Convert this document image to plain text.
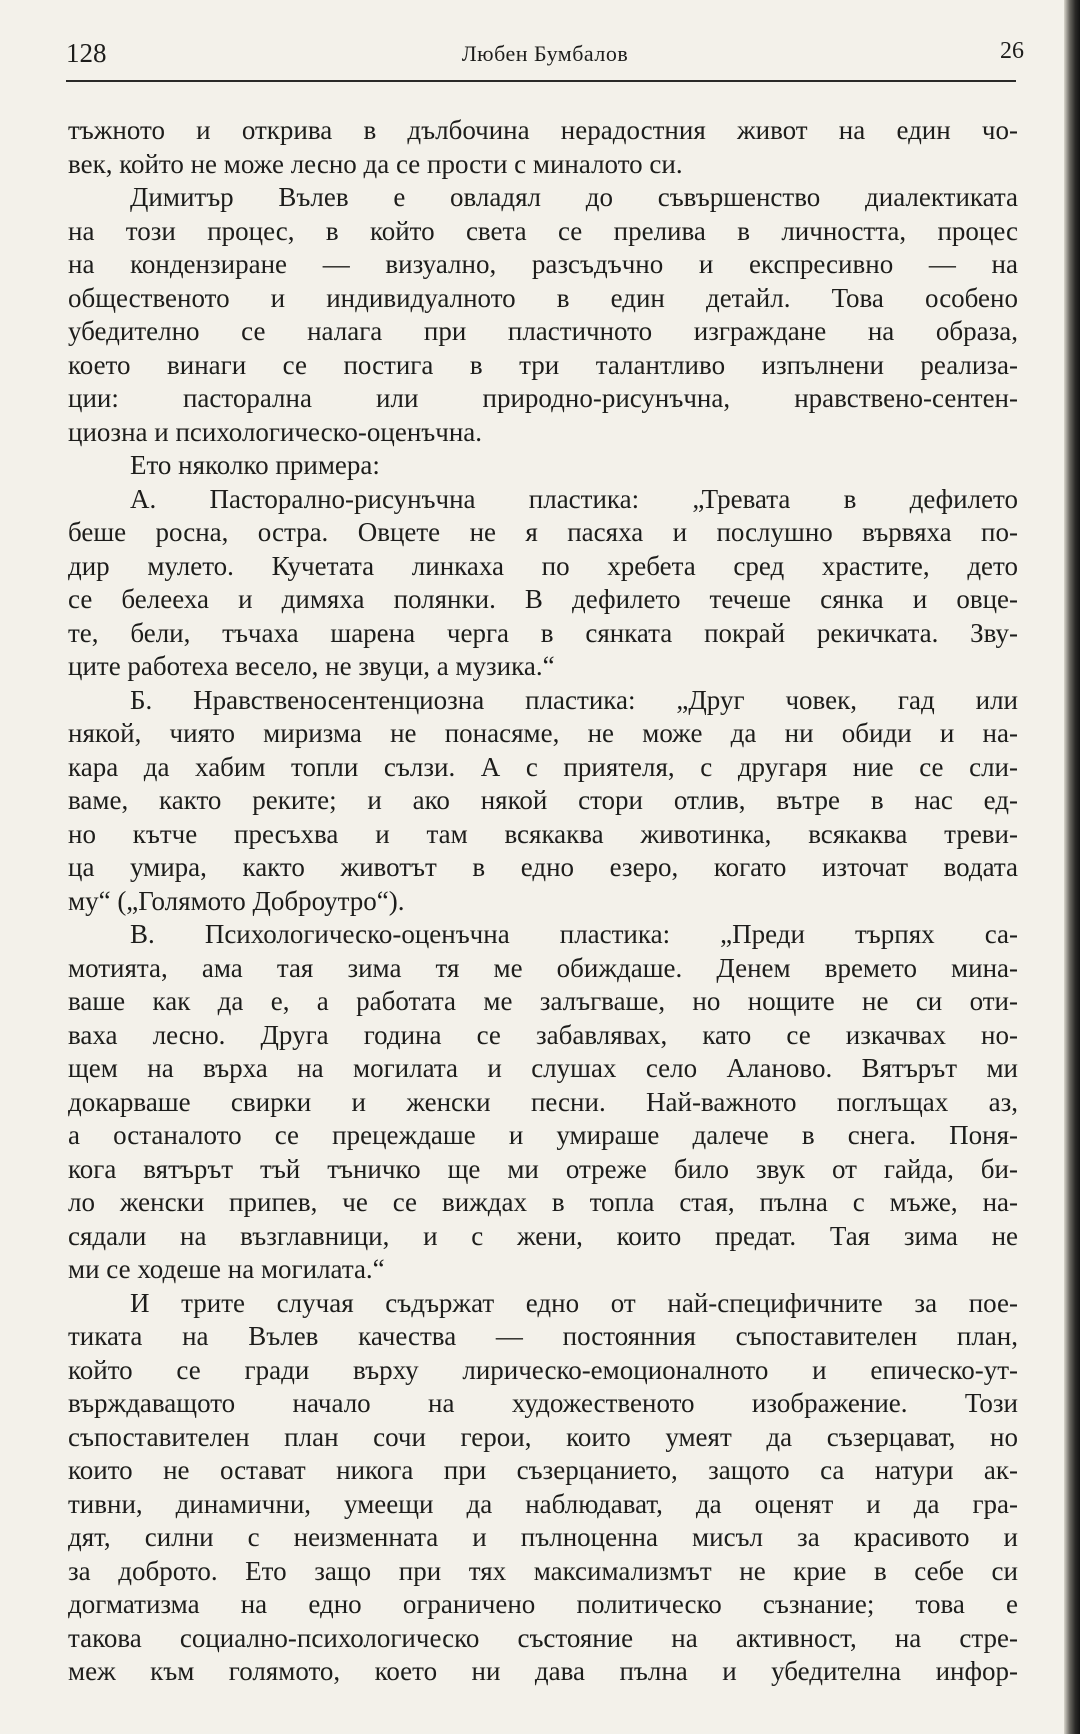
128	Любен Бумбалов	26
тъжното и открива в дълбочина нерадостния живот на един чо-
век, който не може лесно да се прости с миналото си.
Димитър Вълев е овладял до съвършенство диалектиката
на този процес, в който света се прелива в личността, процес
на кондензиране — визуално, разсъдъчно и експресивно — на
общественото и индивидуалното в един детайл. Това особено
убедително се налага при пластичното изграждане на образа,
което винаги се постига в три талантливо изпълнени реализа-
ции: пасторална или природно-рисунъчна, нравствено-сентен-
циозна и психологическо-оценъчна.
Ето няколко примера:
А. Пасторално-рисунъчна пластика: „Тревата в дефилето
беше росна, остра. Овцете не я пасяха и послушно вървяха по-
дир мулето. Кучетата линкаха по хребета сред храстите, дето
се белееха и димяха полянки. В дефилето течеше сянка и овце-
те, бели, тъчаха шарена черга в сянката покрай рекичката. Зву-
ците работеха весело, не звуци, а музика.“
Б. Нравственосентенциозна пластика: „Друг човек, гад или
някой, чиято миризма не понасяме, не може да ни обиди и на-
кара да хабим топли сълзи. А с приятеля, с другаря ние се сли-
ваме, както реките; и ако някой стори отлив, вътре в нас ед-
но кътче пресъхва и там всякаква животинка, всякаква треви-
ца умира, както животът в едно езеро, когато източат водата
му“ („Голямото Доброутро“).
В. Психологическо-оценъчна пластика: „Преди търпях са-
мотията, ама тая зима тя ме обиждаше. Денем времето мина-
ваше как да е, а работата ме залъгваше, но нощите не си оти-
ваха лесно. Друга година се забавлявах, като се изкачвах но-
щем на върха на могилата и слушах село Аланово. Вятърът ми
докарваше свирки и женски песни. Най-важното поглъщах аз,
а останалото се прецеждаше и умираше далече в снега. Поня-
кога вятърът тъй тъничко ще ми отреже било звук от гайда, би-
ло женски припев, че се виждах в топла стая, пълна с мъже, на-
сядали на възглавници, и с жени, които предат. Тая зима не
ми се ходеше на могилата.“
И трите случая съдържат едно от най-специфичните за пое-
тиката на Вълев качества — постоянния съпоставителен план,
който се гради върху лирическо-емоционалното и епическо-ут-
върждаващото начало на художественото изображение. Този
съпоставителен план сочи герои, които умеят да съзерцават, но
които не остават никога при съзерцанието, защото са натури ак-
тивни, динамични, умеещи да наблюдават, да оценят и да гра-
дят, силни с неизменната и пълноценна мисъл за красивото и
за доброто. Ето защо при тях максимализмът не крие в себе си
догматизма на едно ограничено политическо съзнание; това е
такова социално-психологическо състояние на активност, на стре-
меж към голямото, което ни дава пълна и убедителна инфор-
